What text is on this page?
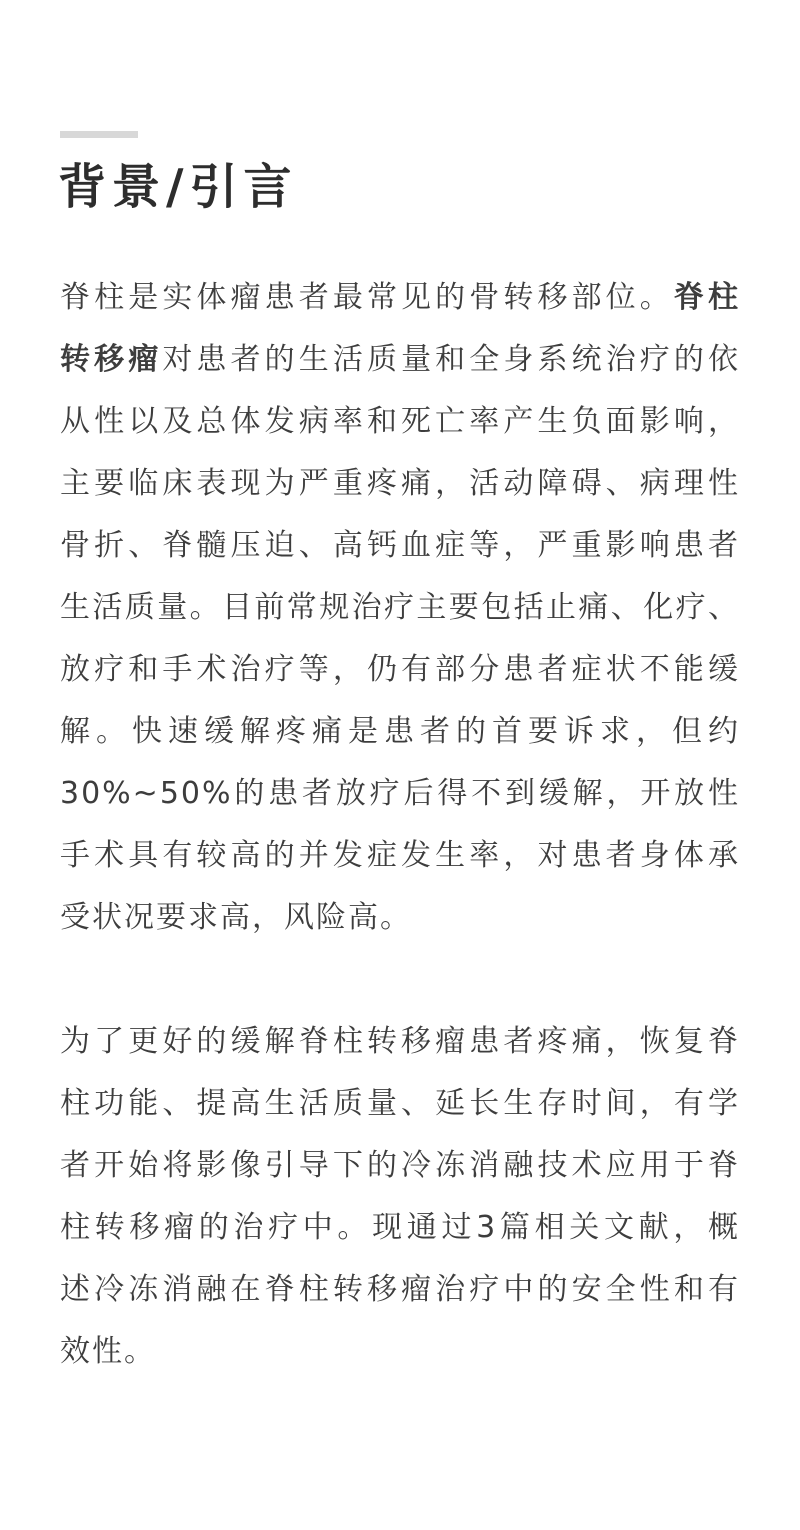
背景/引言
脊柱是实体瘤患者最常见的骨转移部位。脊柱
转移瘤对患者的生活质量和全身系统治疗的依
从性以及总体发病率和死亡率产生负面影响，
主要临床表现为严重疼痛，活动障碍、病理性
骨折、脊髓压迫、高钙血症等，严重影响患者
生活质量。目前常规治疗主要包括止痛、化疗、
放疗和手术治疗等，仍有部分患者症状不能缓
解。快速缓解疼痛是患者的首要诉求，但约
30%~50%的患者放疗后得不到缓解，开放性
手术具有较高的并发症发生率，对患者身体承
受状况要求高，风险高。
为了更好的缓解脊柱转移瘤患者疼痛，恢复脊
柱功能、提高生活质量、延长生存时间，有学
者开始将影像引导下的冷冻消融技术应用于脊
柱转移瘤的治疗中。现通过3篇相关文献，概
述冷冻消融在脊柱转移瘤治疗中的安全性和有
效性。
